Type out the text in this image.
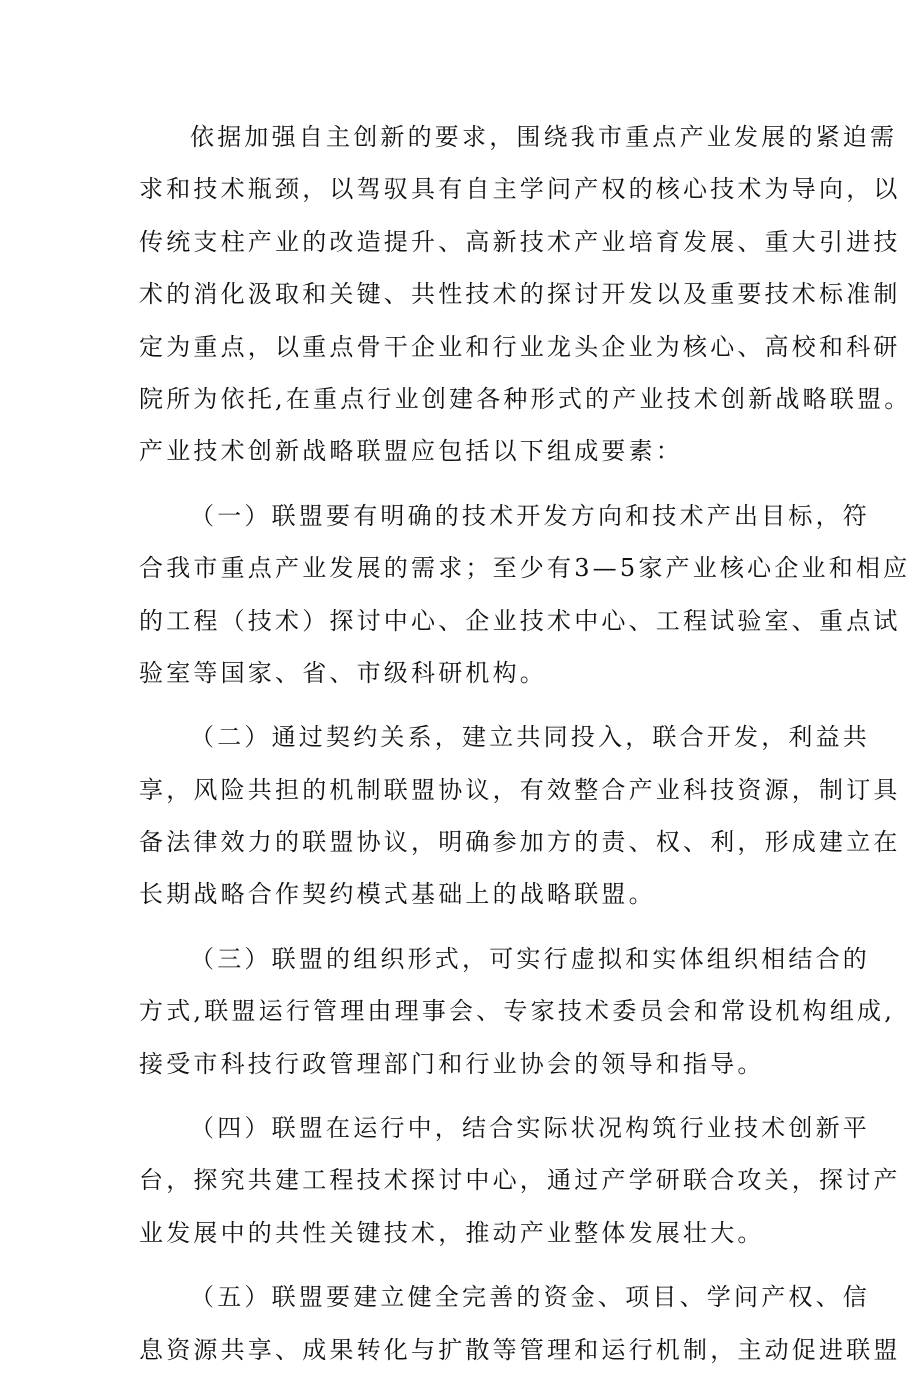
依据加强自主创新的要求，围绕我市重点产业发展的紧迫需
求和技术瓶颈，以驾驭具有自主学问产权的核心技术为导向，以
传统支柱产业的改造提升、高新技术产业培育发展、重大引进技
术的消化汲取和关键、共性技术的探讨开发以及重要技术标准制
定为重点，以重点骨干企业和行业龙头企业为核心、高校和科研
院所为依托,在重点行业创建各种形式的产业技术创新战略联盟。
产业技术创新战略联盟应包括以下组成要素：
（一）联盟要有明确的技术开发方向和技术产出目标，符
合我市重点产业发展的需求；至少有3—5家产业核心企业和相应
的工程（技术）探讨中心、企业技术中心、工程试验室、重点试
验室等国家、省、市级科研机构。
（二）通过契约关系，建立共同投入，联合开发，利益共
享，风险共担的机制联盟协议，有效整合产业科技资源，制订具
备法律效力的联盟协议，明确参加方的责、权、利，形成建立在
长期战略合作契约模式基础上的战略联盟。
（三）联盟的组织形式，可实行虚拟和实体组织相结合的
方式,联盟运行管理由理事会、专家技术委员会和常设机构组成,
接受市科技行政管理部门和行业协会的领导和指导。
（四）联盟在运行中，结合实际状况构筑行业技术创新平
台，探究共建工程技术探讨中心，通过产学研联合攻关，探讨产
业发展中的共性关键技术，推动产业整体发展壮大。
（五）联盟要建立健全完善的资金、项目、学问产权、信
息资源共享、成果转化与扩散等管理和运行机制，主动促进联盟
